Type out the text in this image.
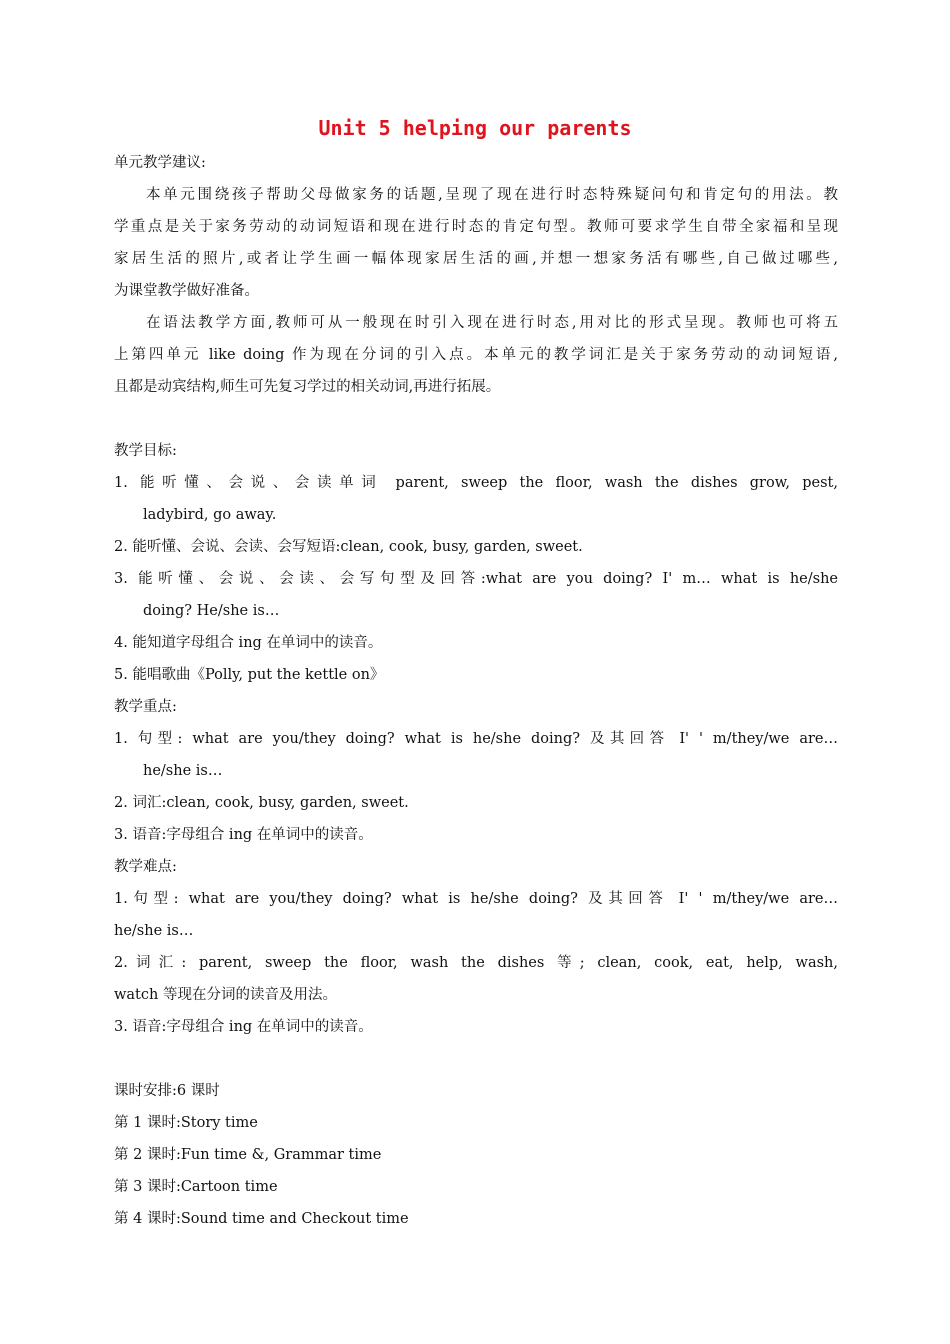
Unit 5 helping our parents
单元教学建议:
本单元围绕孩子帮助父母做家务的话题,呈现了现在进行时态特殊疑问句和肯定句的用法。教
学重点是关于家务劳动的动词短语和现在进行时态的肯定句型。教师可要求学生自带全家福和呈现
家居生活的照片,或者让学生画一幅体现家居生活的画,并想一想家务活有哪些,自己做过哪些,
为课堂教学做好准备。
在语法教学方面,教师可从一般现在时引入现在进行时态,用对比的形式呈现。教师也可将五
上第四单元 like doing 作为现在分词的引入点。本单元的教学词汇是关于家务劳动的动词短语,
且都是动宾结构,师生可先复习学过的相关动词,再进行拓展。
教学目标:
1. 能听懂、会说、会读单词 parent, sweep the floor, wash the dishes grow, pest,
ladybird, go away.
2. 能听懂、会说、会读、会写短语:clean, cook, busy, garden, sweet.
3. 能听懂、会说、会读、会写句型及回答:what are you doing? I' m… what is he/she
doing? He/she is…
4. 能知道字母组合 ing 在单词中的读音。
5. 能唱歌曲《Polly, put the kettle on》
教学重点:
1. 句型: what are you/they doing? what is he/she doing? 及其回答 I' ' m/they/we are…
he/she is…
2. 词汇:clean, cook, busy, garden, sweet.
3. 语音:字母组合 ing 在单词中的读音。
教学难点:
1.句型: what are you/they doing? what is he/she doing? 及其回答 I' ' m/they/we are…
he/she is…
2.词汇: parent, sweep the floor, wash the dishes 等; clean, cook, eat, help, wash,
watch 等现在分词的读音及用法。
3. 语音:字母组合 ing 在单词中的读音。
课时安排:6 课时
第 1 课时:Story time
第 2 课时:Fun time &, Grammar time
第 3 课时:Cartoon time
第 4 课时:Sound time and Checkout time
